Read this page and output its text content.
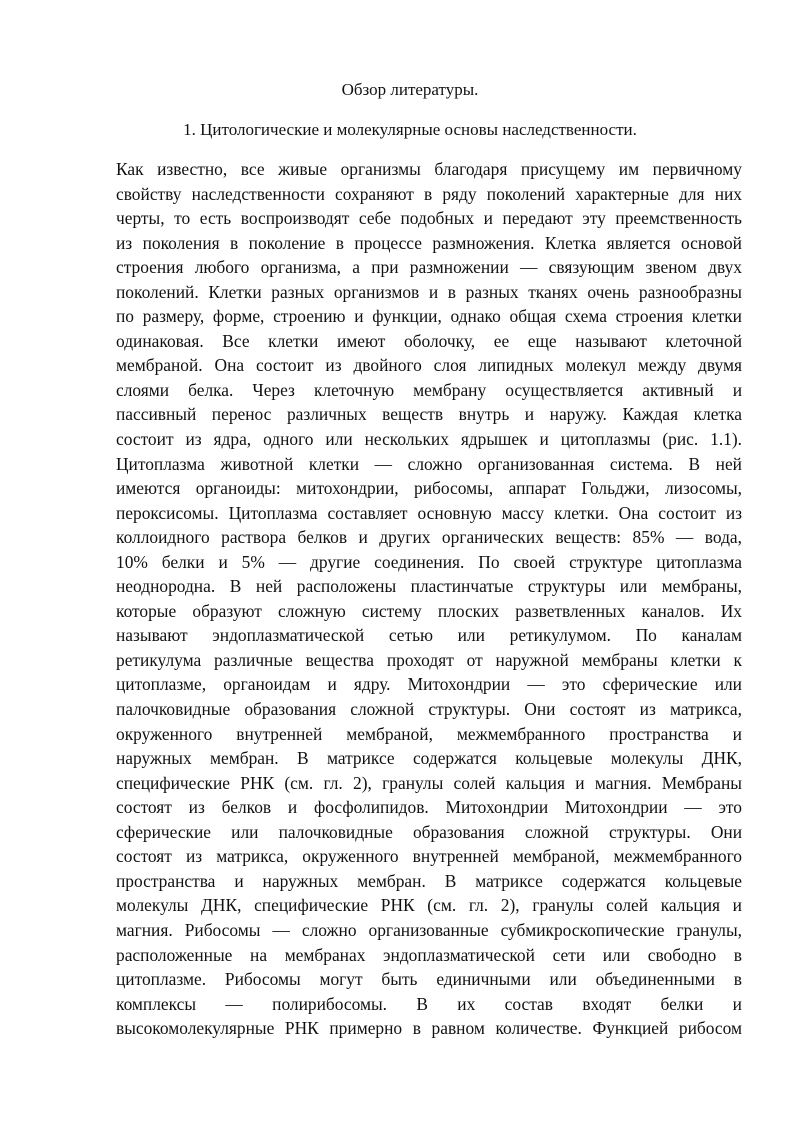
Обзор литературы.
1. Цитологические и молекулярные основы наследственности.
Как известно, все живые организмы благодаря присущему им первичному
свойству наследственности сохраняют в ряду поколений характерные для них
черты, то есть воспроизводят себе подобных и передают эту преемственность
из поколения в поколение в процессе размножения. Клетка является основой
строения любого организма, а при размножении — связующим звеном двух
поколений. Клетки разных организмов и в разных тканях очень разнообразны
по размеру, форме, строению и функции, однако общая схема строения клетки
одинаковая. Все клетки имеют оболочку, ее еще называют клеточной
мембраной. Она состоит из двойного слоя липидных молекул между двумя
слоями белка. Через клеточную мембрану осуществляется активный и
пассивный перенос различных веществ внутрь и наружу. Каждая клетка
состоит из ядра, одного или нескольких ядрышек и цитоплазмы (рис. 1.1).
Цитоплазма животной клетки — сложно организованная система. В ней
имеются органоиды: митохондрии, рибосомы, аппарат Гольджи, лизосомы,
пероксисомы. Цитоплазма составляет основную массу клетки. Она состоит из
коллоидного раствора белков и других органических веществ: 85% — вода,
10% белки и 5% — другие соединения. По своей структуре цитоплазма
неоднородна. В ней расположены пластинчатые структуры или мембраны,
которые образуют сложную систему плоских разветвленных каналов. Их
называют эндоплазматической сетью или ретикулумом. По каналам
ретикулума различные вещества проходят от наружной мембраны клетки к
цитоплазме, органоидам и ядру. Митохондрии — это сферические или
палочковидные образования сложной структуры. Они состоят из матрикса,
окруженного внутренней мембраной, межмембранного пространства и
наружных мембран. В матриксе содержатся кольцевые молекулы ДНК,
специфические РНК (см. гл. 2), гранулы солей кальция и магния. Мембраны
состоят из белков и фосфолипидов. Митохондрии Митохондрии — это
сферические или палочковидные образования сложной структуры. Они
состоят из матрикса, окруженного внутренней мембраной, межмембранного
пространства и наружных мембран. В матриксе содержатся кольцевые
молекулы ДНК, специфические РНК (см. гл. 2), гранулы солей кальция и
магния. Рибосомы — сложно организованные субмикроскопические гранулы,
расположенные на мембранах эндоплазматической сети или свободно в
цитоплазме. Рибосомы могут быть единичными или объединенными в
комплексы — полирибосомы. В их состав входят белки и
высокомолекулярные РНК примерно в равном количестве. Функцией рибосом
